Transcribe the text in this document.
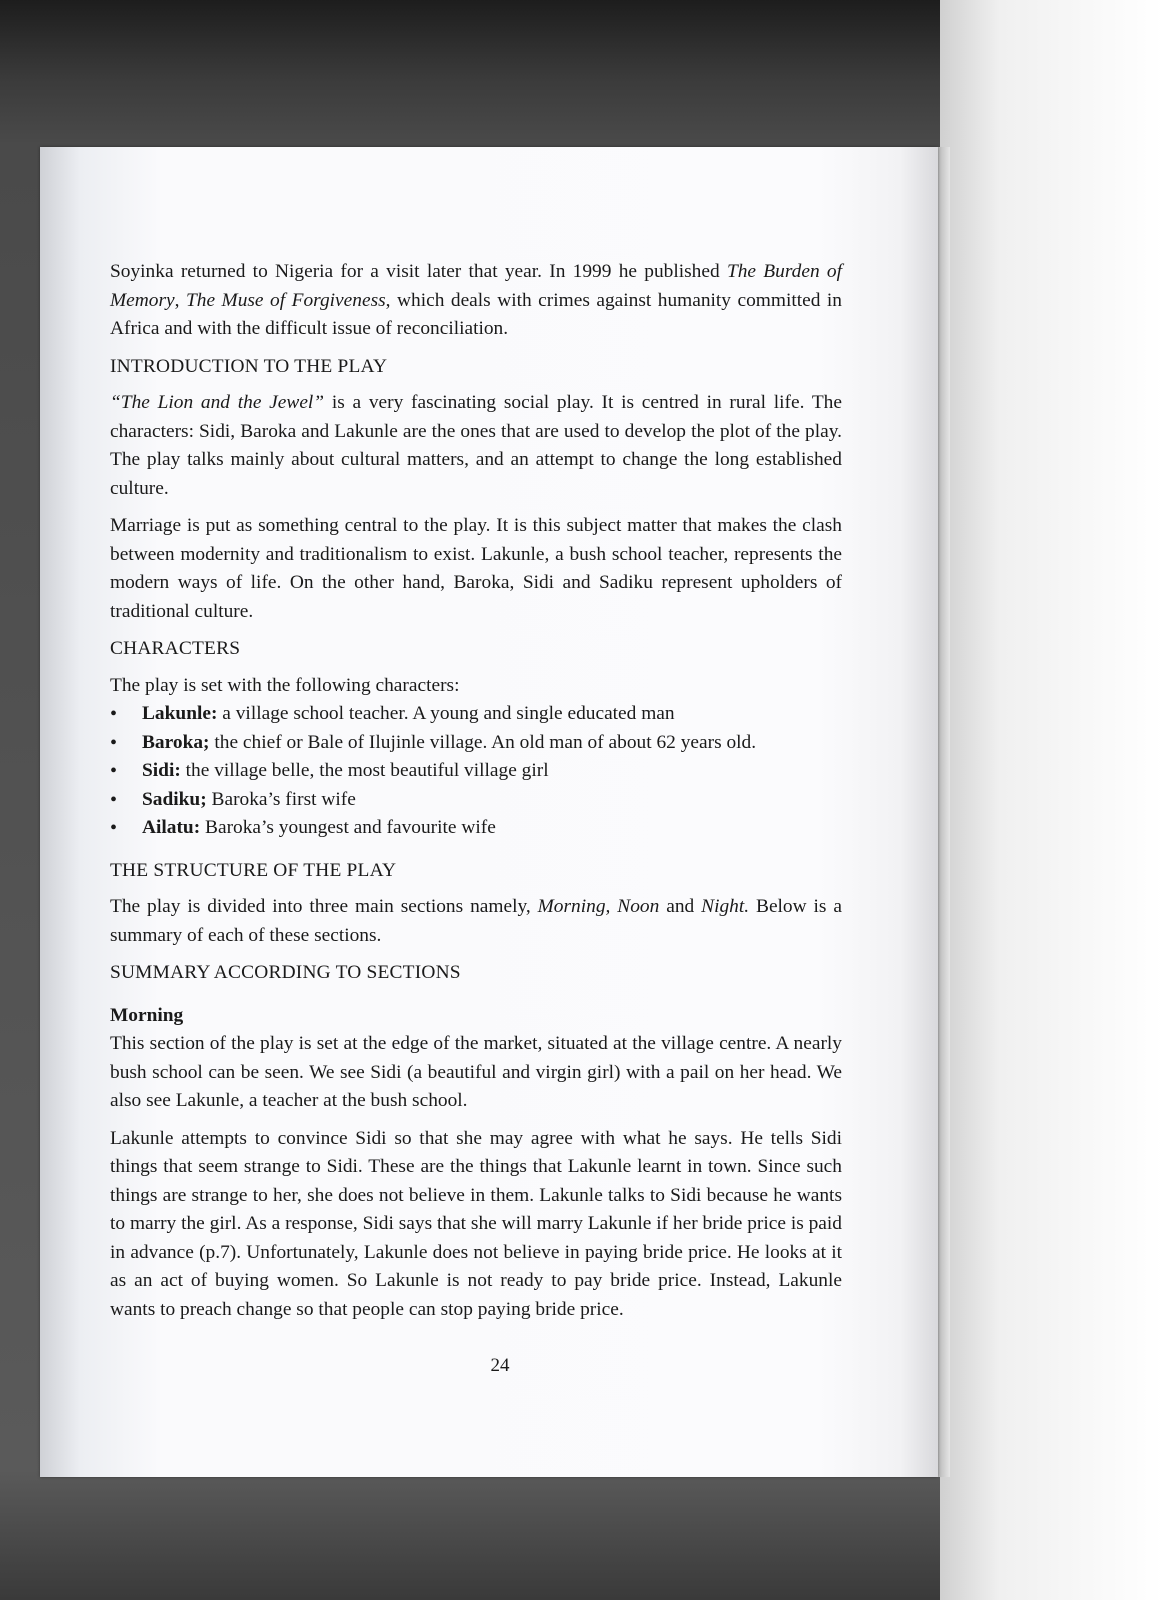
Soyinka returned to Nigeria for a visit later that year. In 1999 he published The Burden of Memory, The Muse of Forgiveness, which deals with crimes against humanity committed in Africa and with the difficult issue of reconciliation.

INTRODUCTION TO THE PLAY

“The Lion and the Jewel” is a very fascinating social play. It is centred in rural life. The characters: Sidi, Baroka and Lakunle are the ones that are used to develop the plot of the play. The play talks mainly about cultural matters, and an attempt to change the long established culture.

Marriage is put as something central to the play. It is this subject matter that makes the clash between modernity and traditionalism to exist. Lakunle, a bush school teacher, represents the modern ways of life. On the other hand, Baroka, Sidi and Sadiku represent upholders of traditional culture.

CHARACTERS

The play is set with the following characters:

• Lakunle: a village school teacher. A young and single educated man
• Baroka; the chief or Bale of Ilujinle village. An old man of about 62 years old.
• Sidi: the village belle, the most beautiful village girl
• Sadiku; Baroka’s first wife
• Ailatu: Baroka’s youngest and favourite wife

THE STRUCTURE OF THE PLAY

The play is divided into three main sections namely, Morning, Noon and Night. Below is a summary of each of these sections.

SUMMARY ACCORDING TO SECTIONS

Morning

This section of the play is set at the edge of the market, situated at the village centre. A nearly bush school can be seen. We see Sidi (a beautiful and virgin girl) with a pail on her head. We also see Lakunle, a teacher at the bush school.

Lakunle attempts to convince Sidi so that she may agree with what he says. He tells Sidi things that seem strange to Sidi. These are the things that Lakunle learnt in town. Since such things are strange to her, she does not believe in them. Lakunle talks to Sidi because he wants to marry the girl. As a response, Sidi says that she will marry Lakunle if her bride price is paid in advance (p.7). Unfortunately, Lakunle does not believe in paying bride price. He looks at it as an act of buying women. So Lakunle is not ready to pay bride price. Instead, Lakunle wants to preach change so that people can stop paying bride price.

24
